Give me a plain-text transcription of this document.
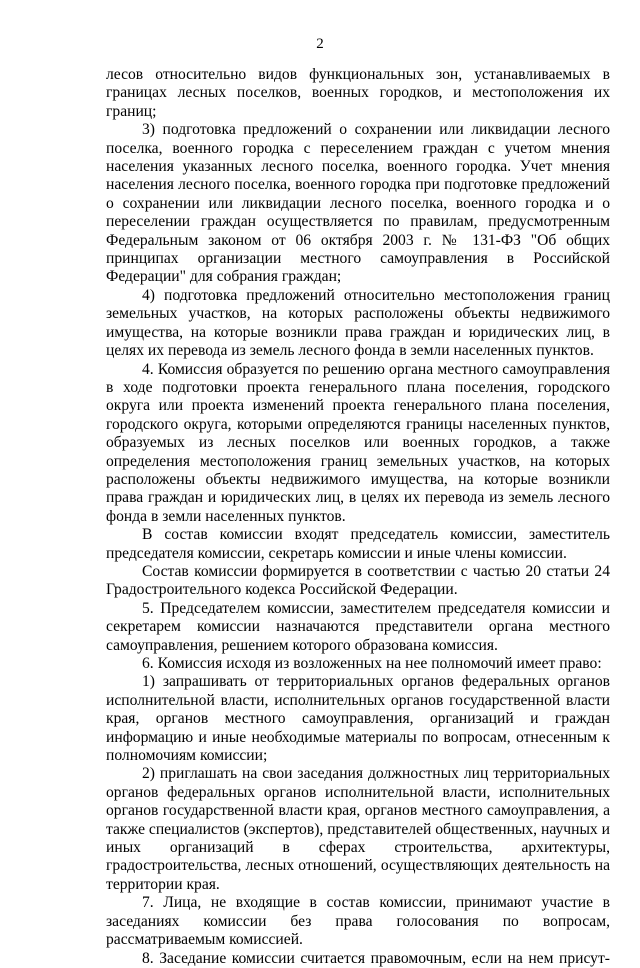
2

лесов относительно видов функциональных зон, устанавливаемых в границах лесных поселков, военных городков, и местоположения их границ;

3) подготовка предложений о сохранении или ликвидации лесного поселка, военного городка с переселением граждан с учетом мнения населения указанных лесного поселка, военного городка. Учет мнения населения лесного поселка, военного городка при подготовке предложений о сохранении или ликвидации лесного поселка, военного городка и о переселении граждан осуществляется по правилам, предусмотренным Федеральным законом от 06 октября 2003 г. № 131-ФЗ "Об общих принципах организации местного самоуправления в Российской Федерации" для собрания граждан;

4) подготовка предложений относительно местоположения границ земельных участков, на которых расположены объекты недвижимого имущества, на которые возникли права граждан и юридических лиц, в целях их перевода из земель лесного фонда в земли населенных пунктов.

4. Комиссия образуется по решению органа местного самоуправления в ходе подготовки проекта генерального плана поселения, городского округа или проекта изменений проекта генерального плана поселения, городского округа, которыми определяются границы населенных пунктов, образуемых из лесных поселков или военных городков, а также определения местоположения границ земельных участков, на которых расположены объекты недвижимого имущества, на которые возникли права граждан и юридических лиц, в целях их перевода из земель лесного фонда в земли населенных пунктов.

В состав комиссии входят председатель комиссии, заместитель председателя комиссии, секретарь комиссии и иные члены комиссии.

Состав комиссии формируется в соответствии с частью 20 статьи 24 Градостроительного кодекса Российской Федерации.

5. Председателем комиссии, заместителем председателя комиссии и секретарем комиссии назначаются представители органа местного самоуправления, решением которого образована комиссия.

6. Комиссия исходя из возложенных на нее полномочий имеет право:

1) запрашивать от территориальных органов федеральных органов исполнительной власти, исполнительных органов государственной власти края, органов местного самоуправления, организаций и граждан информацию и иные необходимые материалы по вопросам, отнесенным к полномочиям комиссии;

2) приглашать на свои заседания должностных лиц территориальных органов федеральных органов исполнительной власти, исполнительных органов государственной власти края, органов местного самоуправления, а также специалистов (экспертов), представителей общественных, научных и иных организаций в сферах строительства, архитектуры, градостроительства, лесных отношений, осуществляющих деятельность на территории края.

7. Лица, не входящие в состав комиссии, принимают участие в заседаниях комиссии без права голосования по вопросам, рассматриваемым комиссией.

8. Заседание комиссии считается правомочным, если на нем присут-
